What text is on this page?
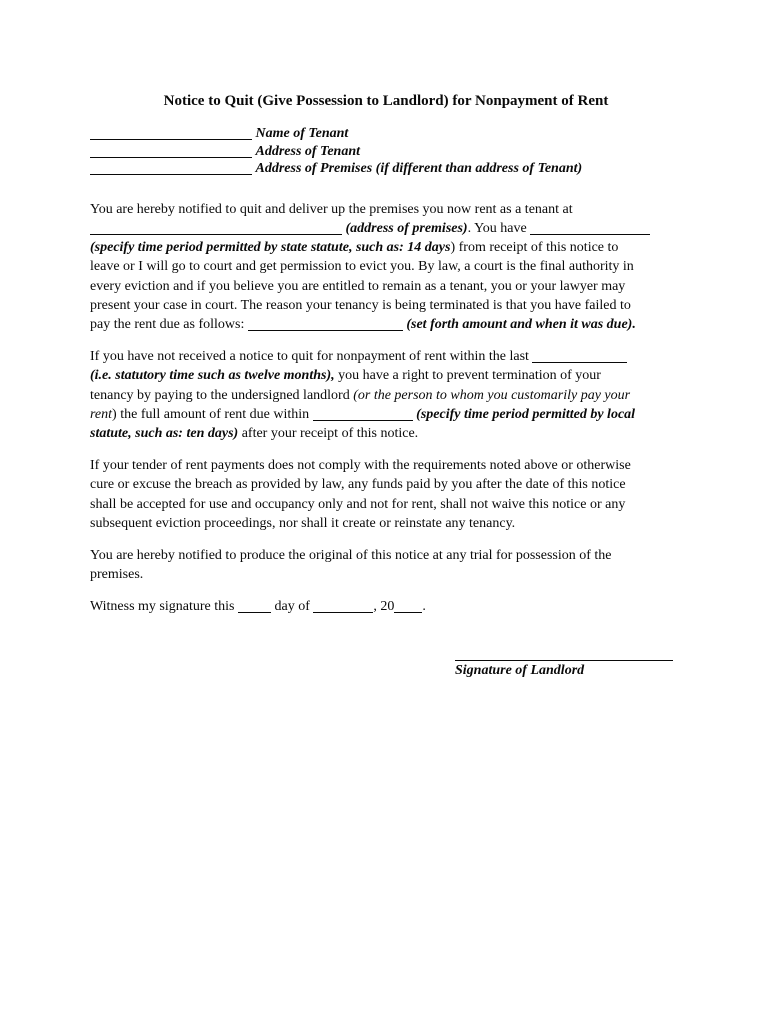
Notice to Quit (Give Possession to Landlord) for Nonpayment of Rent
Name of Tenant
Address of Tenant
Address of Premises (if different than address of Tenant)
You are hereby notified to quit and deliver up the premises you now rent as a tenant at
(address of premises). You have
(specify time period permitted by state statute, such as: 14 days) from receipt of this notice to
leave or I will go to court and get permission to evict you. By law, a court is the final authority in
every eviction and if you believe you are entitled to remain as a tenant, you or your lawyer may
present your case in court. The reason your tenancy is being terminated is that you have failed to
pay the rent due as follows:	(set forth amount and when it was due).
If you have not received a notice to quit for nonpayment of rent within the last
(i.e. statutory time such as twelve months), you have a right to prevent termination of your
tenancy by paying to the undersigned landlord (or the person to whom you customarily pay your
rent) the full amount of rent due within	(specify time period permitted by local
statute, such as: ten days) after your receipt of this notice.
If your tender of rent payments does not comply with the requirements noted above or otherwise
cure or excuse the breach as provided by law, any funds paid by you after the date of this notice
shall be accepted for use and occupancy only and not for rent, shall not waive this notice or any
subsequent eviction proceedings, nor shall it create or reinstate any tenancy.
You are hereby notified to produce the original of this notice at any trial for possession of the
premises.
Witness my signature this  day of	, 20 .
Signature of Landlord
